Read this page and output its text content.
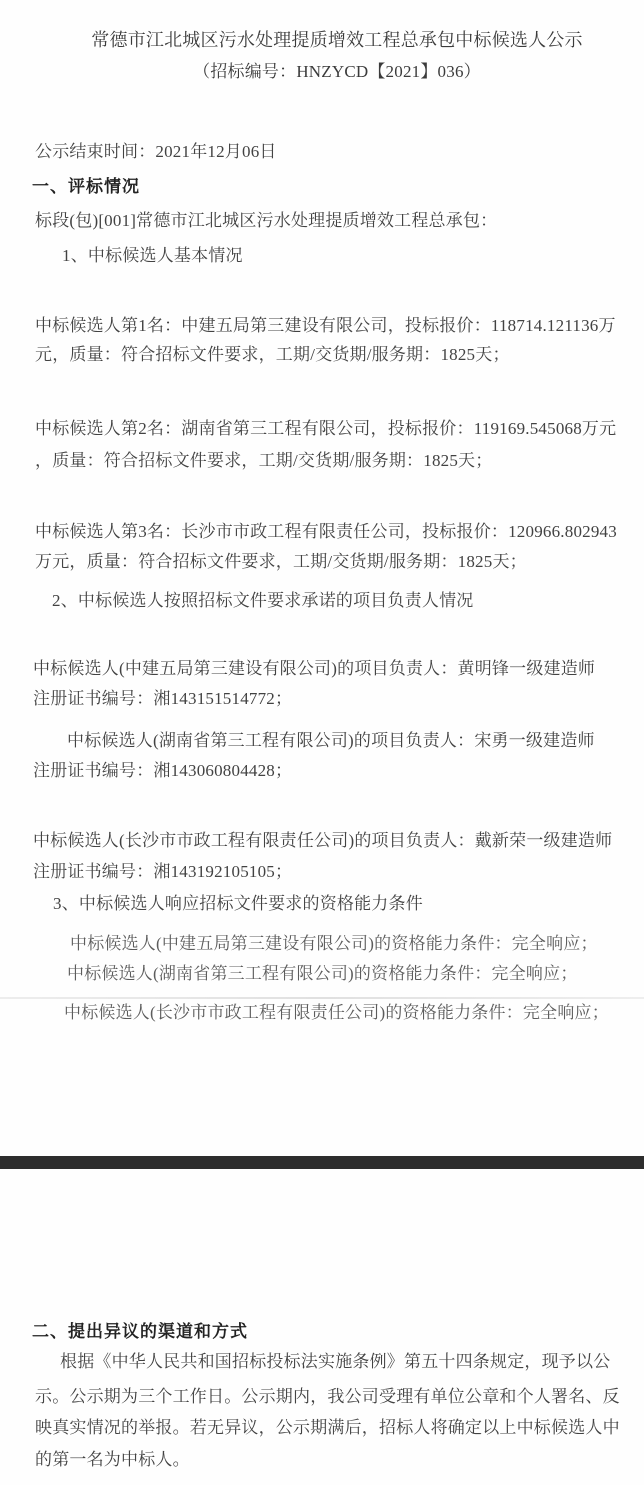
常德市江北城区污水处理提质增效工程总承包中标候选人公示
（招标编号：HNZYCD【2021】036）
公示结束时间：2021年12月06日
一、评标情况
标段(包)[001]常德市江北城区污水处理提质增效工程总承包：
1、中标候选人基本情况
中标候选人第1名：中建五局第三建设有限公司，投标报价：118714.121136万
元，质量：符合招标文件要求，工期/交货期/服务期：1825天；
中标候选人第2名：湖南省第三工程有限公司，投标报价：119169.545068万元
，质量：符合招标文件要求，工期/交货期/服务期：1825天；
中标候选人第3名：长沙市市政工程有限责任公司，投标报价：120966.802943
万元，质量：符合招标文件要求，工期/交货期/服务期：1825天；
2、中标候选人按照招标文件要求承诺的项目负责人情况
中标候选人(中建五局第三建设有限公司)的项目负责人：黄明锋一级建造师
注册证书编号：湘143151514772；
中标候选人(湖南省第三工程有限公司)的项目负责人：宋勇一级建造师
注册证书编号：湘143060804428；
中标候选人(长沙市市政工程有限责任公司)的项目负责人：戴新荣一级建造师
注册证书编号：湘143192105105；
3、中标候选人响应招标文件要求的资格能力条件
中标候选人(中建五局第三建设有限公司)的资格能力条件：完全响应；
中标候选人(湖南省第三工程有限公司)的资格能力条件：完全响应；
中标候选人(长沙市市政工程有限责任公司)的资格能力条件：完全响应；
二、提出异议的渠道和方式
根据《中华人民共和国招标投标法实施条例》第五十四条规定，现予以公
示。公示期为三个工作日。公示期内，我公司受理有单位公章和个人署名、反
映真实情况的举报。若无异议，公示期满后，招标人将确定以上中标候选人中
的第一名为中标人。
